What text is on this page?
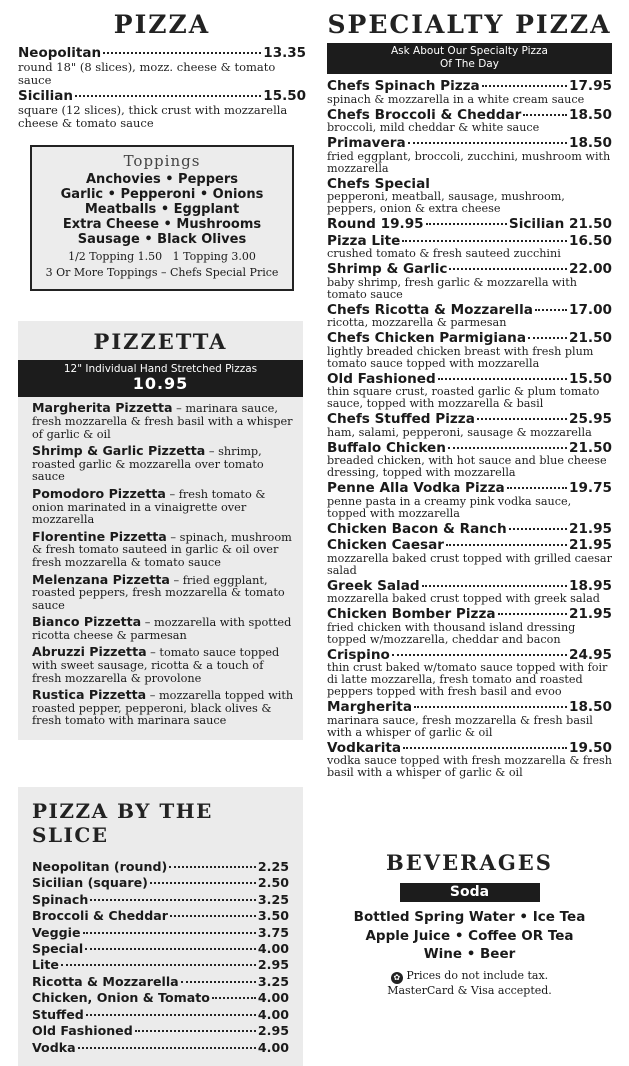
PIZZA
Neopolitan	13.35
round 18" (8 slices), mozz. cheese & tomato sauce
Sicilian	15.50
square (12 slices), thick crust with mozzarella cheese & tomato sauce
Toppings
Anchovies • Peppers
Garlic • Pepperoni • Onions
Meatballs • Eggplant
Extra Cheese • Mushrooms
Sausage • Black Olives
1/2 Topping 1.50   1 Topping 3.00
3 Or More Toppings – Chefs Special Price
PIZZETTA
12" Individual Hand Stretched Pizzas
10.95
Margherita Pizzetta – marinara sauce, fresh mozzarella & fresh basil with a whisper of garlic & oil
Shrimp & Garlic Pizzetta – shrimp, roasted garlic & mozzarella over tomato sauce
Pomodoro Pizzetta – fresh tomato & onion marinated in a vinaigrette over mozzarella
Florentine Pizzetta – spinach, mushroom & fresh tomato sauteed in garlic & oil over fresh mozzarella & tomato sauce
Melenzana Pizzetta – fried eggplant, roasted peppers, fresh mozzarella & tomato sauce
Bianco Pizzetta – mozzarella with spotted ricotta cheese & parmesan
Abruzzi Pizzetta – tomato sauce topped with sweet sausage, ricotta & a touch of fresh mozzarella & provolone
Rustica Pizzetta – mozzarella topped with roasted pepper, pepperoni, black olives & fresh tomato with marinara sauce
PIZZA BY THE SLICE
Neopolitan (round)	2.25
Sicilian (square)	2.50
Spinach	3.25
Broccoli & Cheddar	3.50
Veggie	3.75
Special	4.00
Lite	2.95
Ricotta & Mozzarella	3.25
Chicken, Onion & Tomato	4.00
Stuffed	4.00
Old Fashioned	2.95
Vodka	4.00
SPECIALTY PIZZA
Ask About Our Specialty Pizza
Of The Day
Chefs Spinach Pizza	17.95
spinach & mozzarella in a white cream sauce
Chefs Broccoli & Cheddar	18.50
broccoli, mild cheddar & white sauce
Primavera	18.50
fried eggplant, broccoli, zucchini, mushroom with mozzarella
Chefs Special
pepperoni, meatball, sausage, mushroom, peppers, onion & extra cheese
Round 19.95	Sicilian 21.50
Pizza Lite	16.50
crushed tomato & fresh sauteed zucchini
Shrimp & Garlic	22.00
baby shrimp, fresh garlic & mozzarella with tomato sauce
Chefs Ricotta & Mozzarella	17.00
ricotta, mozzarella & parmesan
Chefs Chicken Parmigiana	21.50
lightly breaded chicken breast with fresh plum tomato sauce topped with mozzarella
Old Fashioned	15.50
thin square crust, roasted garlic & plum tomato sauce, topped with mozzarella & basil
Chefs Stuffed Pizza	25.95
ham, salami, pepperoni, sausage & mozzarella
Buffalo Chicken	21.50
breaded chicken, with hot sauce and blue cheese dressing, topped with mozzarella
Penne Alla Vodka Pizza	19.75
penne pasta in a creamy pink vodka sauce, topped with mozzarella
Chicken Bacon & Ranch	21.95
Chicken Caesar	21.95
mozzarella baked crust topped with grilled caesar salad
Greek Salad	18.95
mozzarella baked crust topped with greek salad
Chicken Bomber Pizza	21.95
fried chicken with thousand island dressing topped w/mozzarella, cheddar and bacon
Crispino	24.95
thin crust baked w/tomato sauce topped with foir di latte mozzarella, fresh tomato and roasted peppers topped with fresh basil and evoo
Margherita	18.50
marinara sauce, fresh mozzarella & fresh basil with a whisper of garlic & oil
Vodkarita	19.50
vodka sauce topped with fresh mozzarella & fresh basil with a whisper of garlic & oil
BEVERAGES
Soda
Bottled Spring Water • Ice Tea
Apple Juice • Coffee OR Tea
Wine • Beer
✿ Prices do not include tax.
MasterCard & Visa accepted.
